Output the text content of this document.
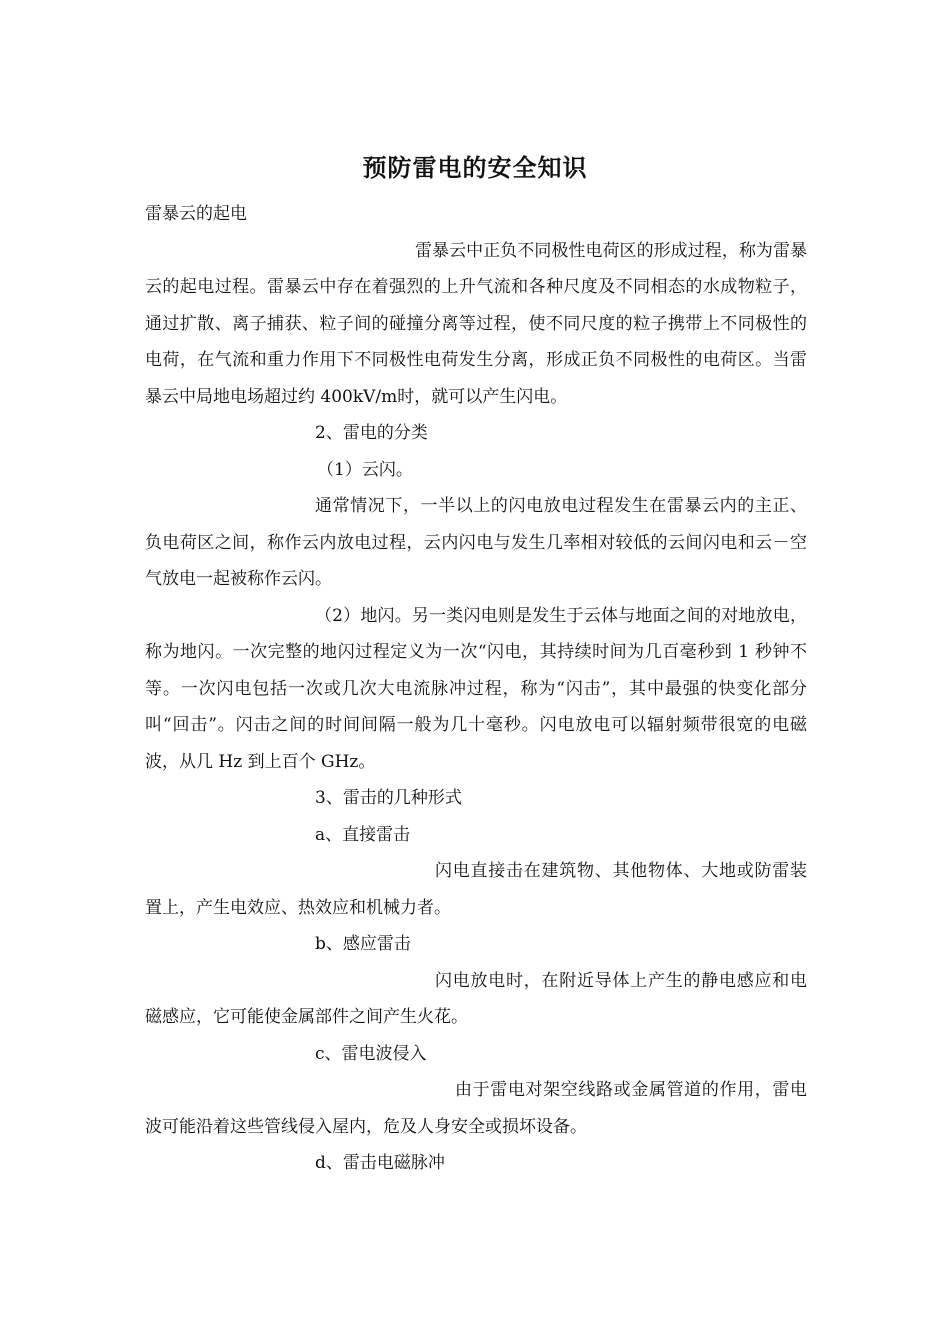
预防雷电的安全知识

雷暴云的起电

雷暴云中正负不同极性电荷区的形成过程，称为雷暴云的起电过程。雷暴云中存在着强烈的上升气流和各种尺度及不同相态的水成物粒子，通过扩散、离子捕获、粒子间的碰撞分离等过程，使不同尺度的粒子携带上不同极性的电荷，在气流和重力作用下不同极性电荷发生分离，形成正负不同极性的电荷区。当雷暴云中局地电场超过约 400kV/m时，就可以产生闪电。

2、雷电的分类

（1）云闪。

通常情况下，一半以上的闪电放电过程发生在雷暴云内的主正、负电荷区之间，称作云内放电过程，云内闪电与发生几率相对较低的云间闪电和云－空气放电一起被称作云闪。

（2）地闪。另一类闪电则是发生于云体与地面之间的对地放电，称为地闪。一次完整的地闪过程定义为一次“闪电，其持续时间为几百毫秒到 1 秒钟不等。一次闪电包括一次或几次大电流脉冲过程，称为“闪击”，其中最强的快变化部分叫“回击”。闪击之间的时间间隔一般为几十毫秒。闪电放电可以辐射频带很宽的电磁波，从几 Hz 到上百个 GHz。

3、雷击的几种形式

a、直接雷击

闪电直接击在建筑物、其他物体、大地或防雷装置上，产生电效应、热效应和机械力者。

b、感应雷击

闪电放电时，在附近导体上产生的静电感应和电磁感应，它可能使金属部件之间产生火花。

c、雷电波侵入

由于雷电对架空线路或金属管道的作用，雷电波可能沿着这些管线侵入屋内，危及人身安全或损坏设备。

d、雷击电磁脉冲
